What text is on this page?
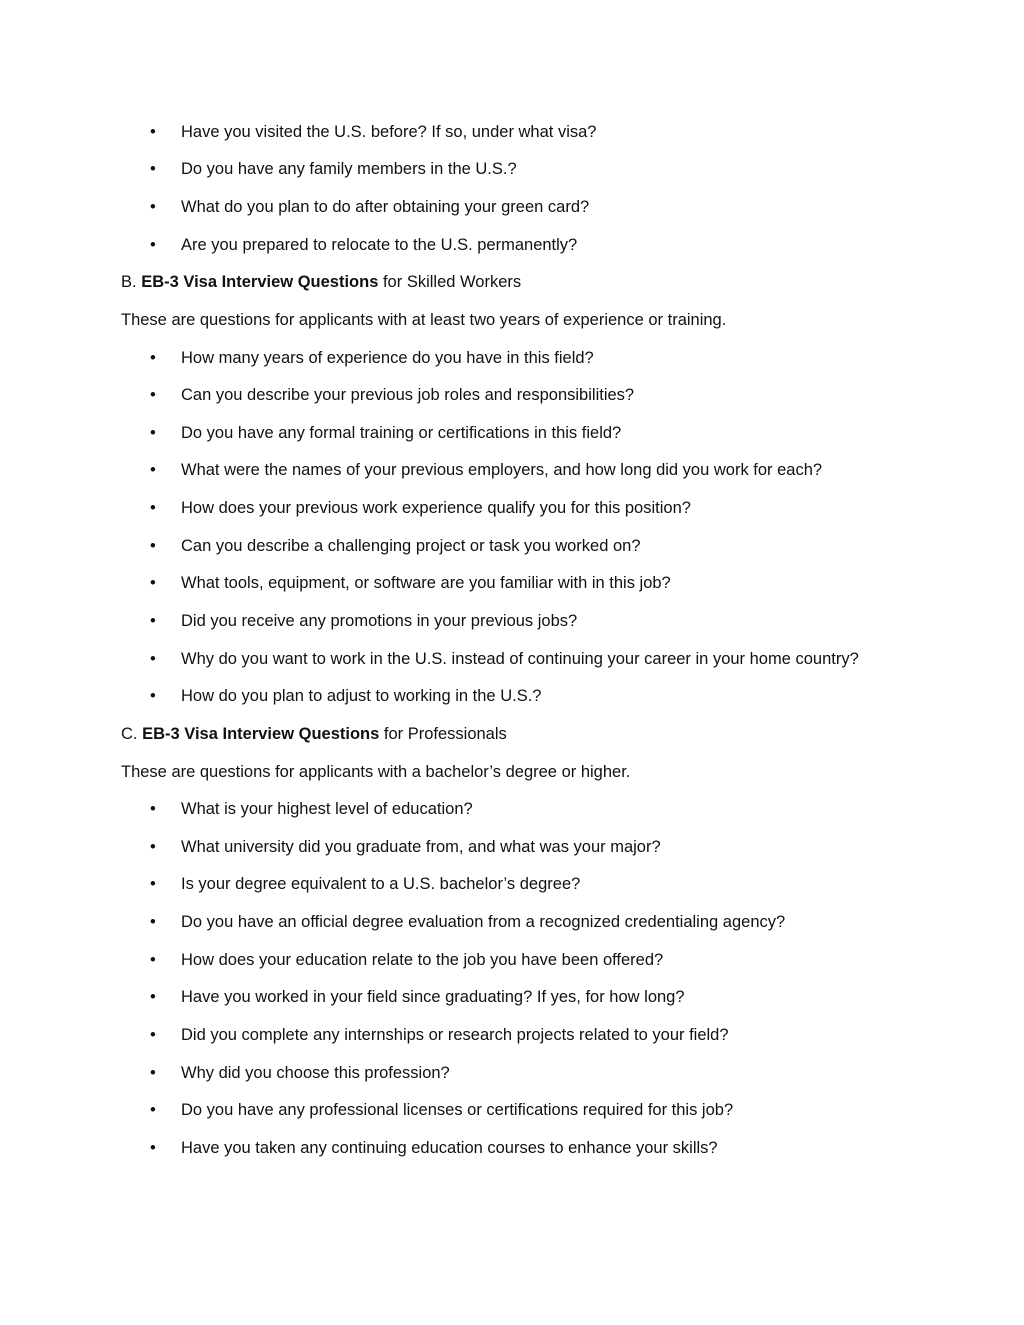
• Have you visited the U.S. before? If so, under what visa?
• Do you have any family members in the U.S.?
• What do you plan to do after obtaining your green card?
• Are you prepared to relocate to the U.S. permanently?
B. EB-3 Visa Interview Questions for Skilled Workers
These are questions for applicants with at least two years of experience or training.
• How many years of experience do you have in this field?
• Can you describe your previous job roles and responsibilities?
• Do you have any formal training or certifications in this field?
• What were the names of your previous employers, and how long did you work for each?
• How does your previous work experience qualify you for this position?
• Can you describe a challenging project or task you worked on?
• What tools, equipment, or software are you familiar with in this job?
• Did you receive any promotions in your previous jobs?
• Why do you want to work in the U.S. instead of continuing your career in your home country?
• How do you plan to adjust to working in the U.S.?
C. EB-3 Visa Interview Questions for Professionals
These are questions for applicants with a bachelor’s degree or higher.
• What is your highest level of education?
• What university did you graduate from, and what was your major?
• Is your degree equivalent to a U.S. bachelor’s degree?
• Do you have an official degree evaluation from a recognized credentialing agency?
• How does your education relate to the job you have been offered?
• Have you worked in your field since graduating? If yes, for how long?
• Did you complete any internships or research projects related to your field?
• Why did you choose this profession?
• Do you have any professional licenses or certifications required for this job?
• Have you taken any continuing education courses to enhance your skills?
